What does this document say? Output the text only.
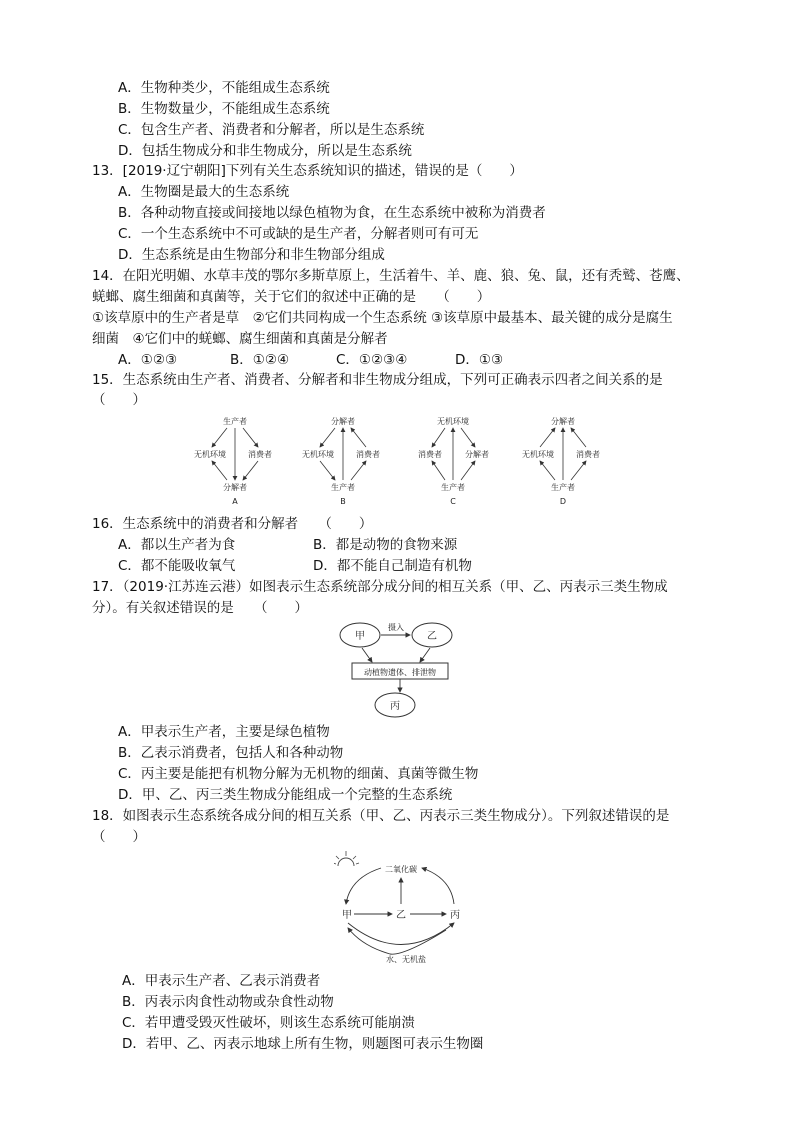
A．生物种类少，不能组成生态系统
B．生物数量少，不能组成生态系统
C．包含生产者、消费者和分解者，所以是生态系统
D．包括生物成分和非生物成分，所以是生态系统
13．[2019·辽宁朝阳]下列有关生态系统知识的描述，错误的是（　　）
A．生物圈是最大的生态系统
B．各种动物直接或间接地以绿色植物为食，在生态系统中被称为消费者
C．一个生态系统中不可或缺的是生产者，分解者则可有可无
D．生态系统是由生物部分和非生物部分组成
14．在阳光明媚、水草丰茂的鄂尔多斯草原上，生活着牛、羊、鹿、狼、兔、鼠，还有秃鹫、苍鹰、
蜣螂、腐生细菌和真菌等，关于它们的叙述中正确的是　　（　　）
①该草原中的生产者是草　②它们共同构成一个生态系统 ③该草原中最基本、最关键的成分是腐生
细菌　④它们中的蜣螂、腐生细菌和真菌是分解者
A．①②③	B．①②④	C．①②③④	D．①③
15．生态系统由生产者、消费者、分解者和非生物成分组成，下列可正确表示四者之间关系的是
（　　）
生产者
无机环境	消费者
分解者
A
分解者
无机环境	消费者
生产者
B
无机环境
消费者	分解者
生产者
C
分解者
无机环境	消费者
生产者
D
16．生态系统中的消费者和分解者　　（　　）
A．都以生产者为食	B．都是动物的食物来源
C．都不能吸收氧气	D．都不能自己制造有机物
17．（2019·江苏连云港）如图表示生态系统部分成分间的相互关系（甲、乙、丙表示三类生物成
分）。有关叙述错误的是　　（　　）
甲	乙
摄入
动植物遗体、排泄物
丙
A．甲表示生产者，主要是绿色植物
B．乙表示消费者，包括人和各种动物
C．丙主要是能把有机物分解为无机物的细菌、真菌等微生物
D．甲、乙、丙三类生物成分能组成一个完整的生态系统
18．如图表示生态系统各成分间的相互关系（甲、乙、丙表示三类生物成分）。下列叙述错误的是
（　　）
二氧化碳
甲	乙	丙
水、无机盐
A．甲表示生产者、乙表示消费者
B．丙表示肉食性动物或杂食性动物
C．若甲遭受毁灭性破坏，则该生态系统可能崩溃
D．若甲、乙、丙表示地球上所有生物，则题图可表示生物圈
